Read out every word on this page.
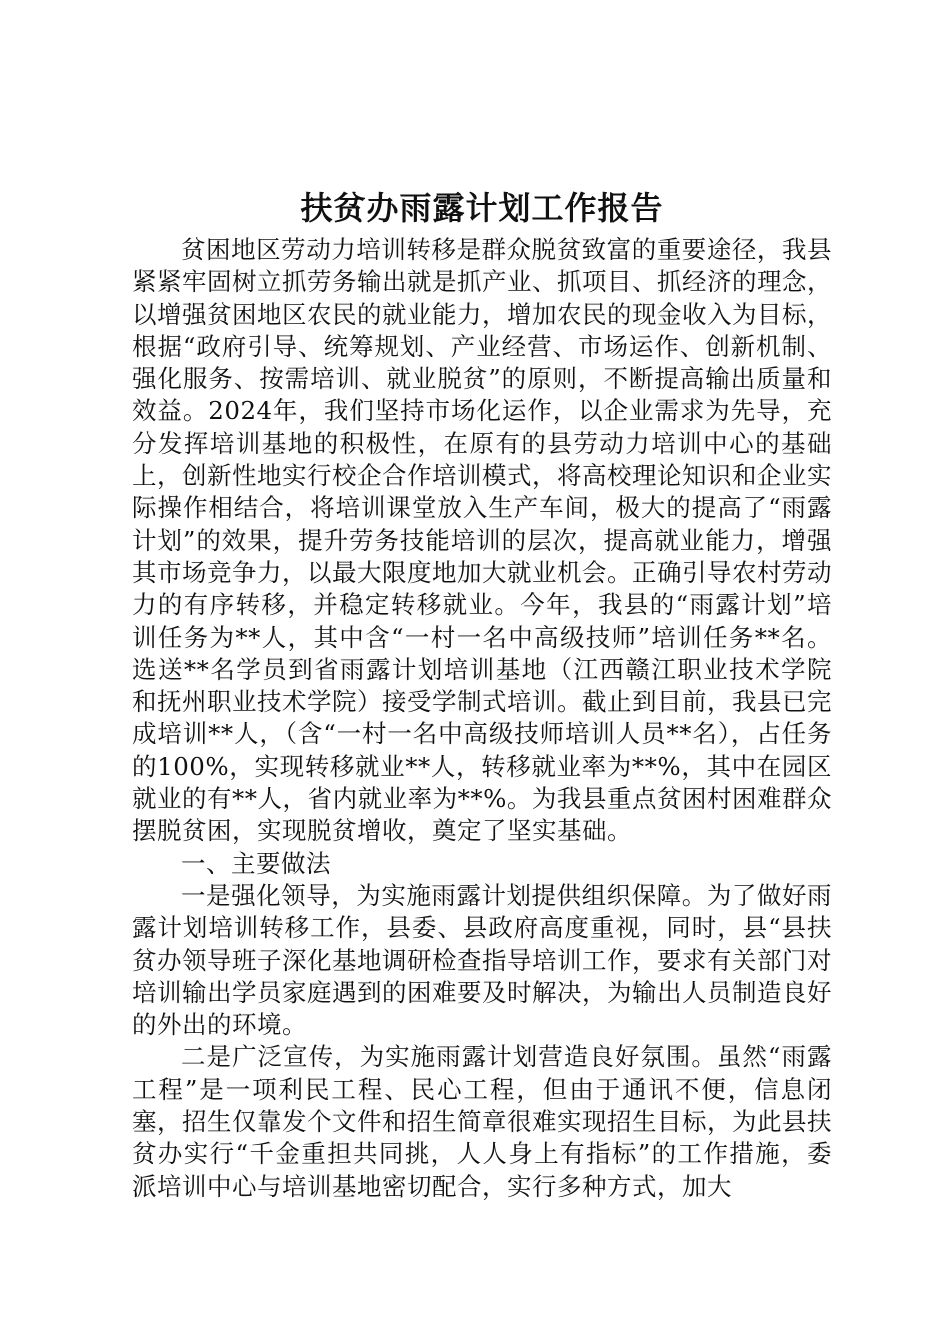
扶贫办雨露计划工作报告

贫困地区劳动力培训转移是群众脱贫致富的重要途径，我县紧紧牢固树立抓劳务输出就是抓产业、抓项目、抓经济的理念，以增强贫困地区农民的就业能力，增加农民的现金收入为目标，根据“政府引导、统筹规划、产业经营、市场运作、创新机制、强化服务、按需培训、就业脱贫”的原则，不断提高输出质量和效益。2024年，我们坚持市场化运作，以企业需求为先导，充分发挥培训基地的积极性，在原有的县劳动力培训中心的基础上，创新性地实行校企合作培训模式，将高校理论知识和企业实际操作相结合，将培训课堂放入生产车间，极大的提高了“雨露计划”的效果，提升劳务技能培训的层次，提高就业能力，增强其市场竞争力，以最大限度地加大就业机会。正确引导农村劳动力的有序转移，并稳定转移就业。今年，我县的“雨露计划”培训任务为**人，其中含“一村一名中高级技师”培训任务**名。选送**名学员到省雨露计划培训基地（江西赣江职业技术学院和抚州职业技术学院）接受学制式培训。截止到目前，我县已完成培训**人，（含“一村一名中高级技师培训人员**名），占任务的100%，实现转移就业**人，转移就业率为**%，其中在园区就业的有**人，省内就业率为**%。为我县重点贫困村困难群众摆脱贫困，实现脱贫增收，奠定了坚实基础。

一、主要做法

一是强化领导，为实施雨露计划提供组织保障。为了做好雨露计划培训转移工作，县委、县政府高度重视，同时，县“县扶贫办领导班子深化基地调研检查指导培训工作，要求有关部门对培训输出学员家庭遇到的困难要及时解决，为输出人员制造良好的外出的环境。

二是广泛宣传，为实施雨露计划营造良好氛围。虽然“雨露工程”是一项利民工程、民心工程，但由于通讯不便，信息闭塞，招生仅靠发个文件和招生简章很难实现招生目标，为此县扶贫办实行“千金重担共同挑，人人身上有指标”的工作措施，委派培训中心与培训基地密切配合，实行多种方式，加大
